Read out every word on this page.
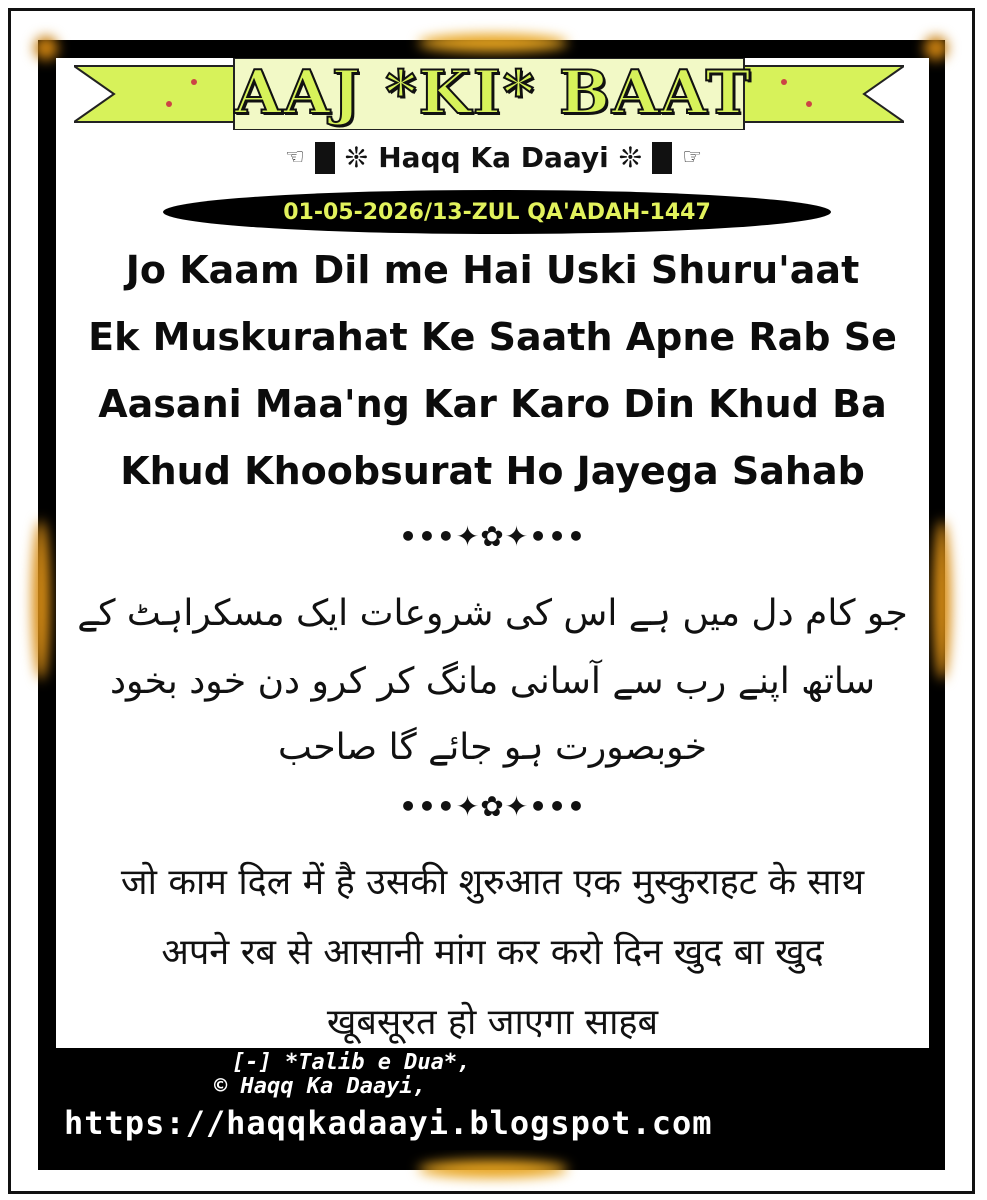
AAJ *KI* BAAT
☜ ❊ Haqq Ka Daayi ❊ ☞
01-05-2026/13-ZUL QA'ADAH-1447
Jo Kaam Dil me Hai Uski Shuru'aat
Ek Muskurahat Ke Saath Apne Rab Se
Aasani Maa'ng Kar Karo Din Khud Ba
Khud Khoobsurat Ho Jayega Sahab
•••✦✿✦•••
جو کام دل میں ہے اس کی شروعات ایک مسکراہٹ کے
ساتھ اپنے رب سے آسانی مانگ کر کرو دن خود بخود
خوبصورت ہو جائے گا صاحب
•••✦✿✦•••
जो काम दिल में है उसकी शुरुआत एक मुस्कुराहट के साथ
अपने रब से आसानी मांग कर करो दिन खुद बा खुद
खूबसूरत हो जाएगा साहब
[-] *Talib e Dua*,
© Haqq Ka Daayi,
https://haqqkadaayi.blogspot.com
